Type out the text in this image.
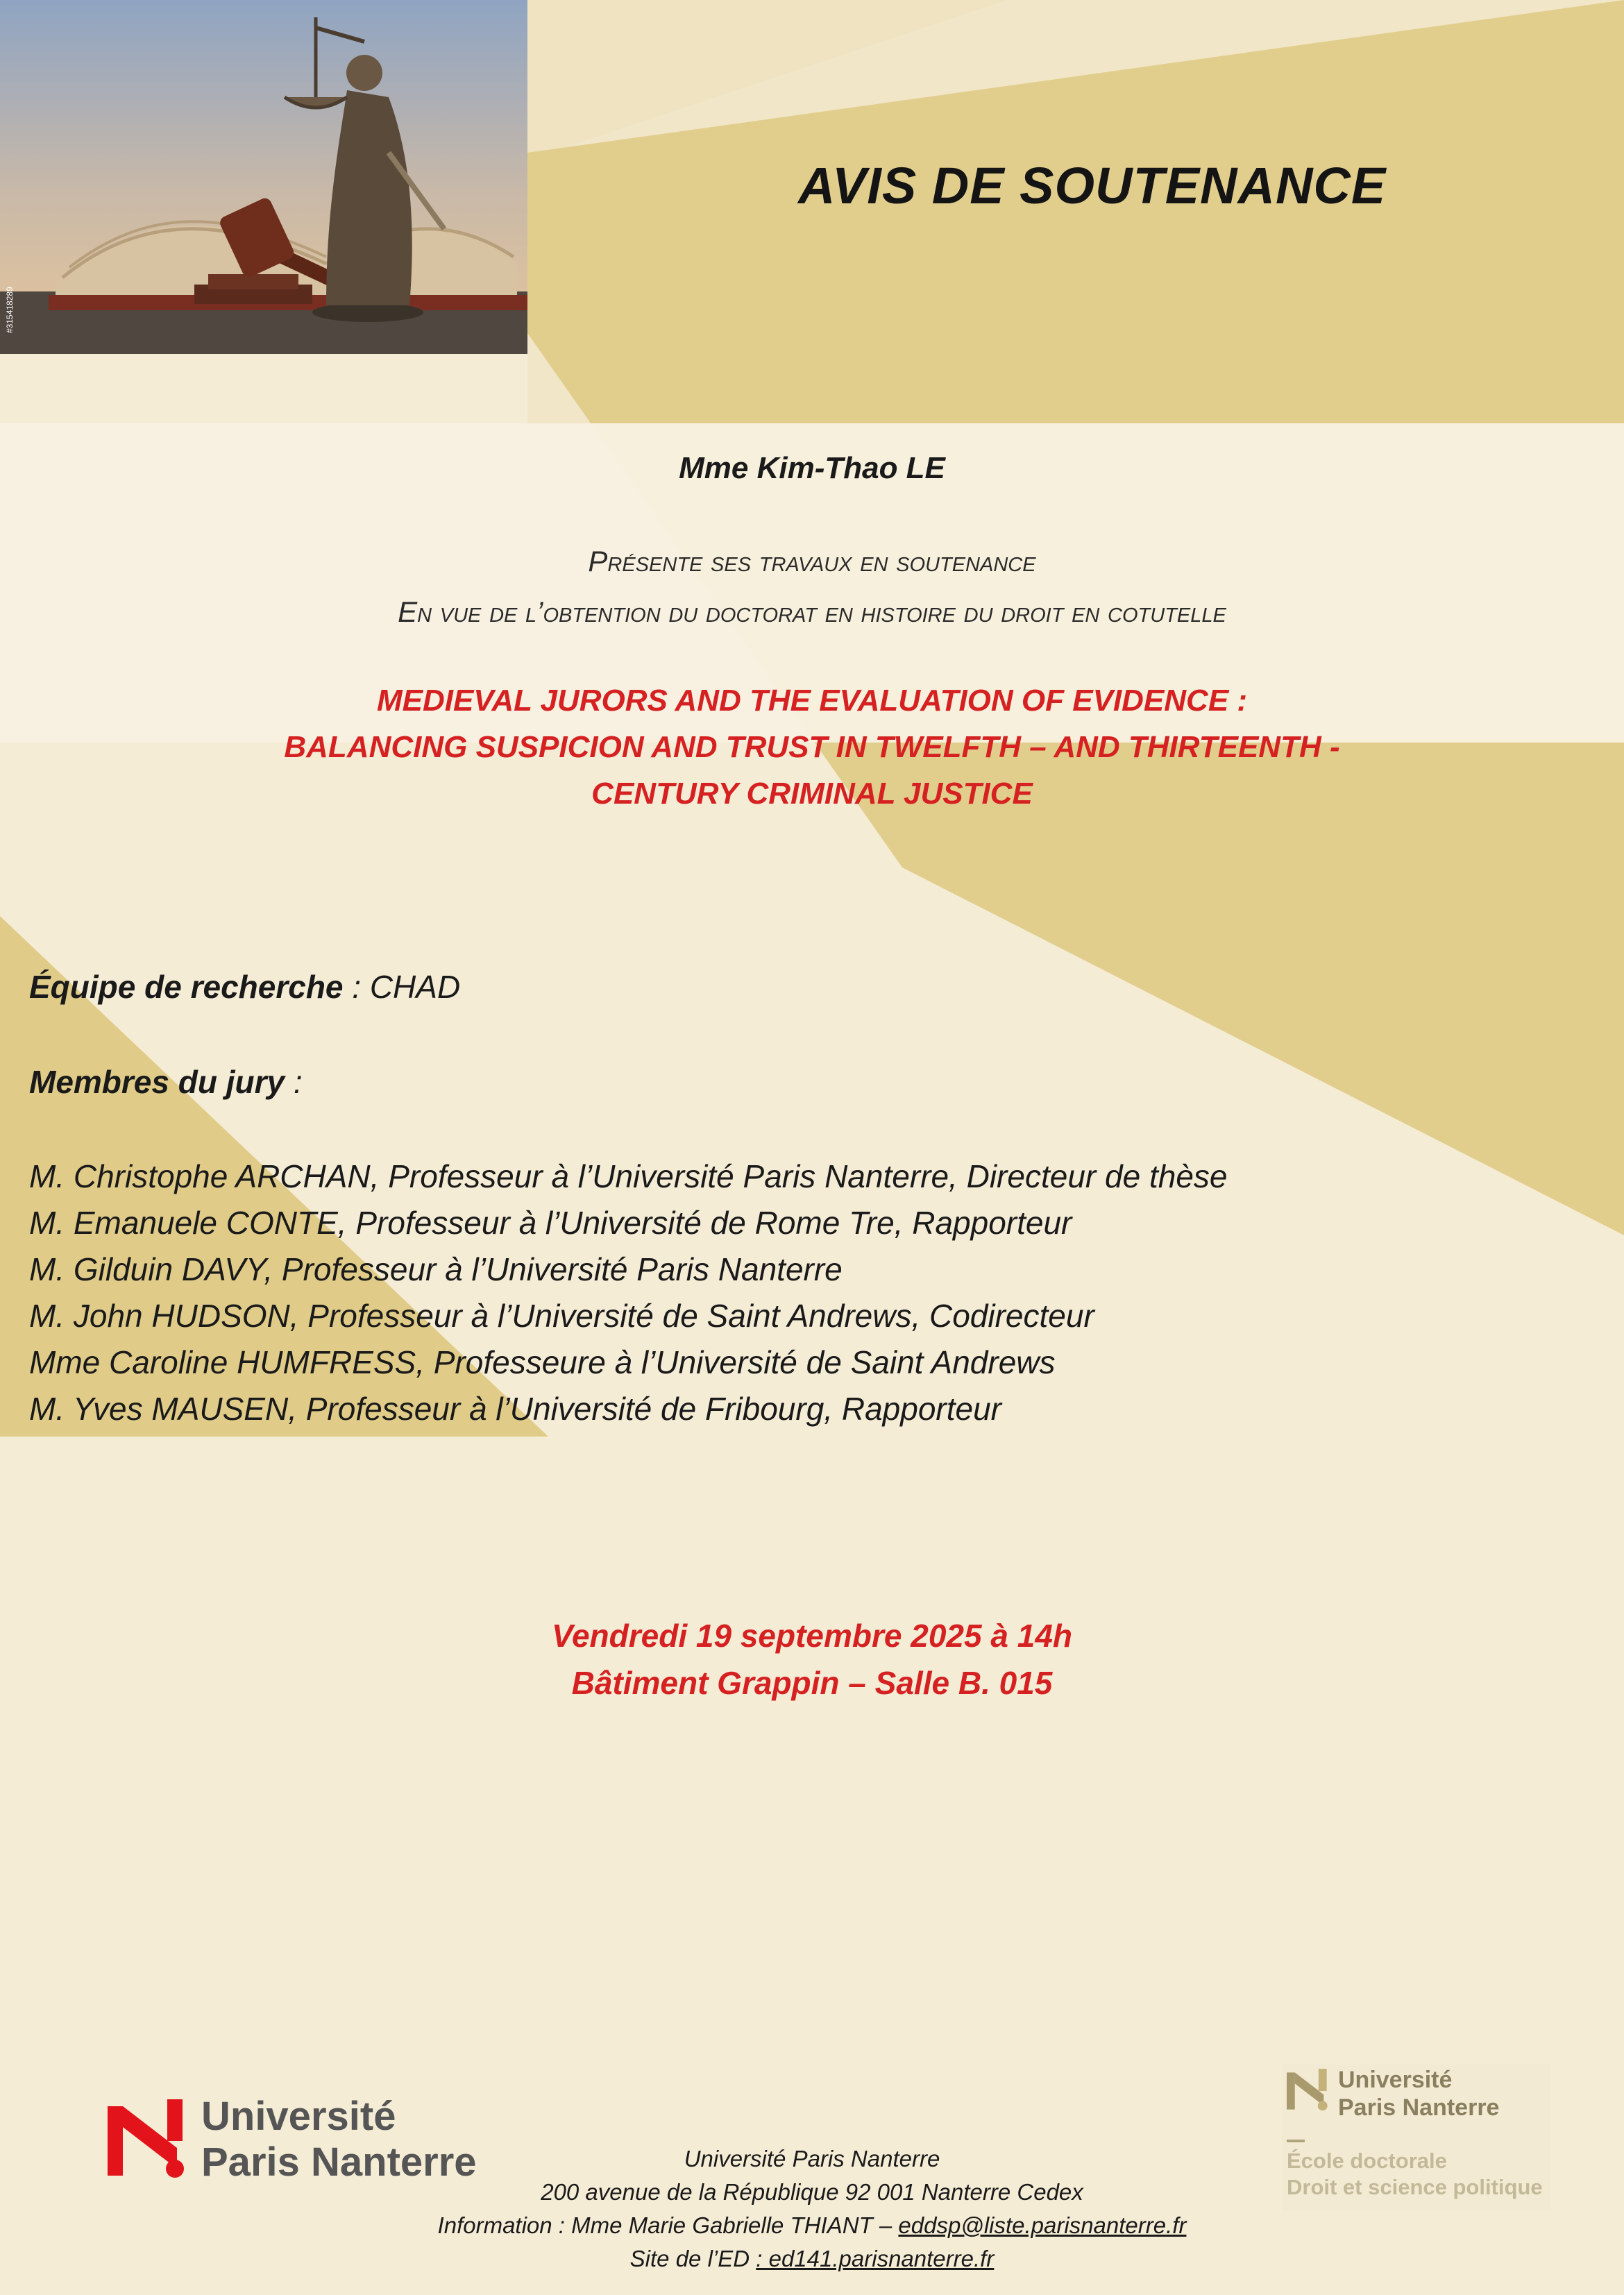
#315418289
AVIS DE SOUTENANCE
Mme Kim-Thao LE
Présente ses travaux en soutenance
En vue de l’obtention du doctorat en histoire du droit en cotutelle
MEDIEVAL JURORS AND THE EVALUATION OF EVIDENCE :
BALANCING SUSPICION AND TRUST IN TWELFTH – AND THIRTEENTH -
CENTURY CRIMINAL JUSTICE
Équipe de recherche : CHAD
Membres du jury :
M. Christophe ARCHAN, Professeur à l’Université Paris Nanterre, Directeur de thèse
M. Emanuele CONTE, Professeur à l’Université de Rome Tre, Rapporteur
M. Gilduin DAVY, Professeur à l’Université Paris Nanterre
M. John HUDSON, Professeur à l’Université de Saint Andrews, Codirecteur
Mme Caroline HUMFRESS, Professeure à l’Université de Saint Andrews
M. Yves MAUSEN, Professeur à l’Université de Fribourg, Rapporteur
Vendredi 19 septembre 2025 à 14h
Bâtiment Grappin – Salle B. 015
Université
Paris Nanterre	Université Paris Nanterre
200 avenue de la République 92 001 Nanterre Cedex
Information : Mme Marie Gabrielle THIANT – eddsp@liste.parisnanterre.fr
Site de l’ED : ed141.parisnanterre.fr
Université
Paris Nanterre
École doctorale
Droit et science politique
